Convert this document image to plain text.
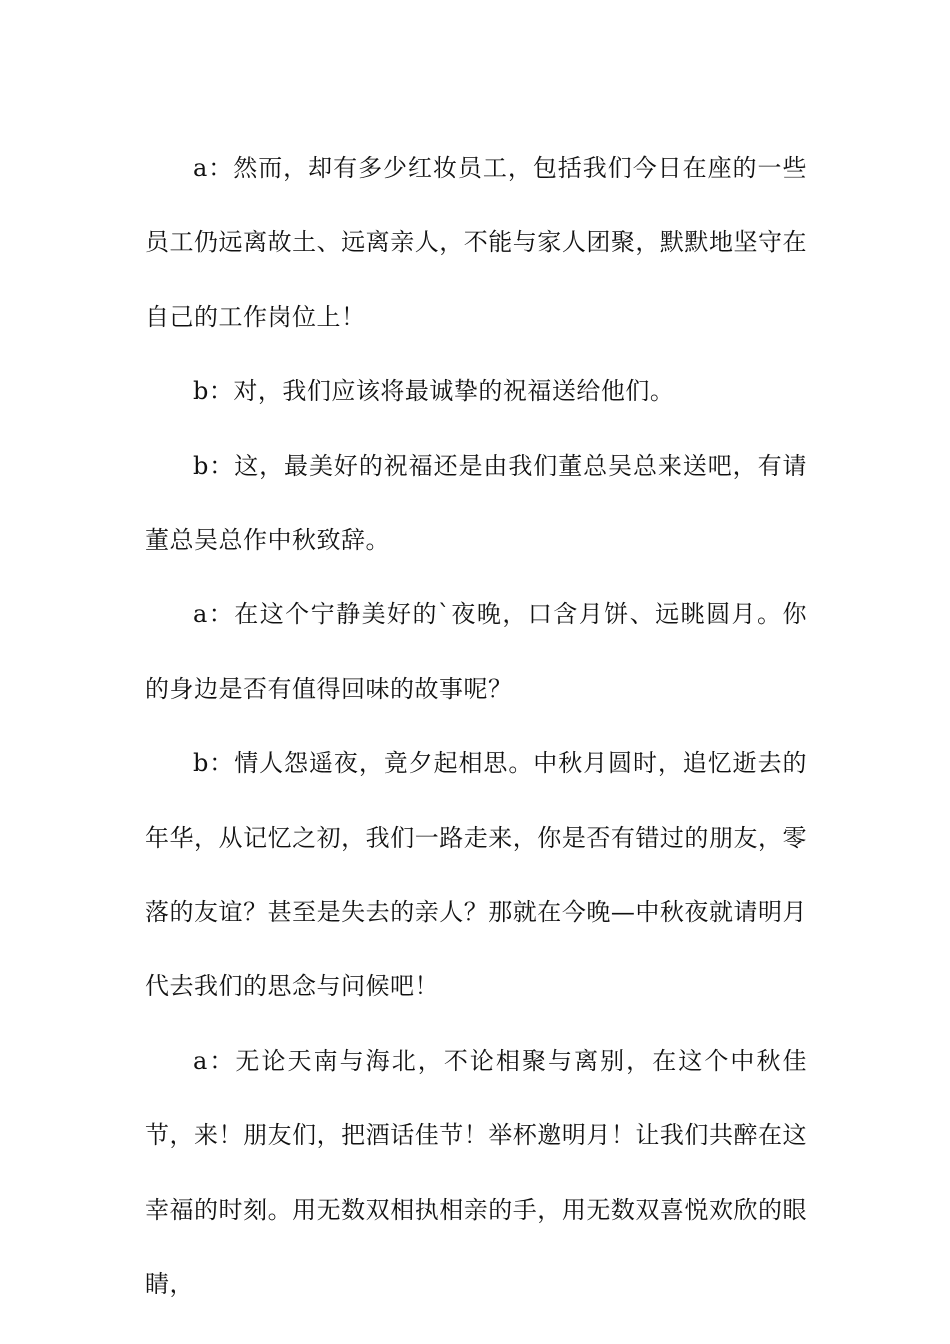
a：然而，却有多少红妆员工，包括我们今日在座的一些员工仍远离故土、远离亲人，不能与家人团聚，默默地坚守在自己的工作岗位上！

b：对，我们应该将最诚挚的祝福送给他们。

b：这，最美好的祝福还是由我们董总吴总来送吧，有请董总吴总作中秋致辞。

a：在这个宁静美好的`夜晚，口含月饼、远眺圆月。你的身边是否有值得回味的故事呢？

b：情人怨遥夜，竟夕起相思。中秋月圆时，追忆逝去的年华，从记忆之初，我们一路走来，你是否有错过的朋友，零落的友谊？甚至是失去的亲人？那就在今晚—中秋夜就请明月代去我们的思念与问候吧！

a：无论天南与海北，不论相聚与离别，在这个中秋佳节，来！朋友们，把酒话佳节！举杯邀明月！让我们共醉在这幸福的时刻。用无数双相执相亲的手，用无数双喜悦欢欣的眼睛，
